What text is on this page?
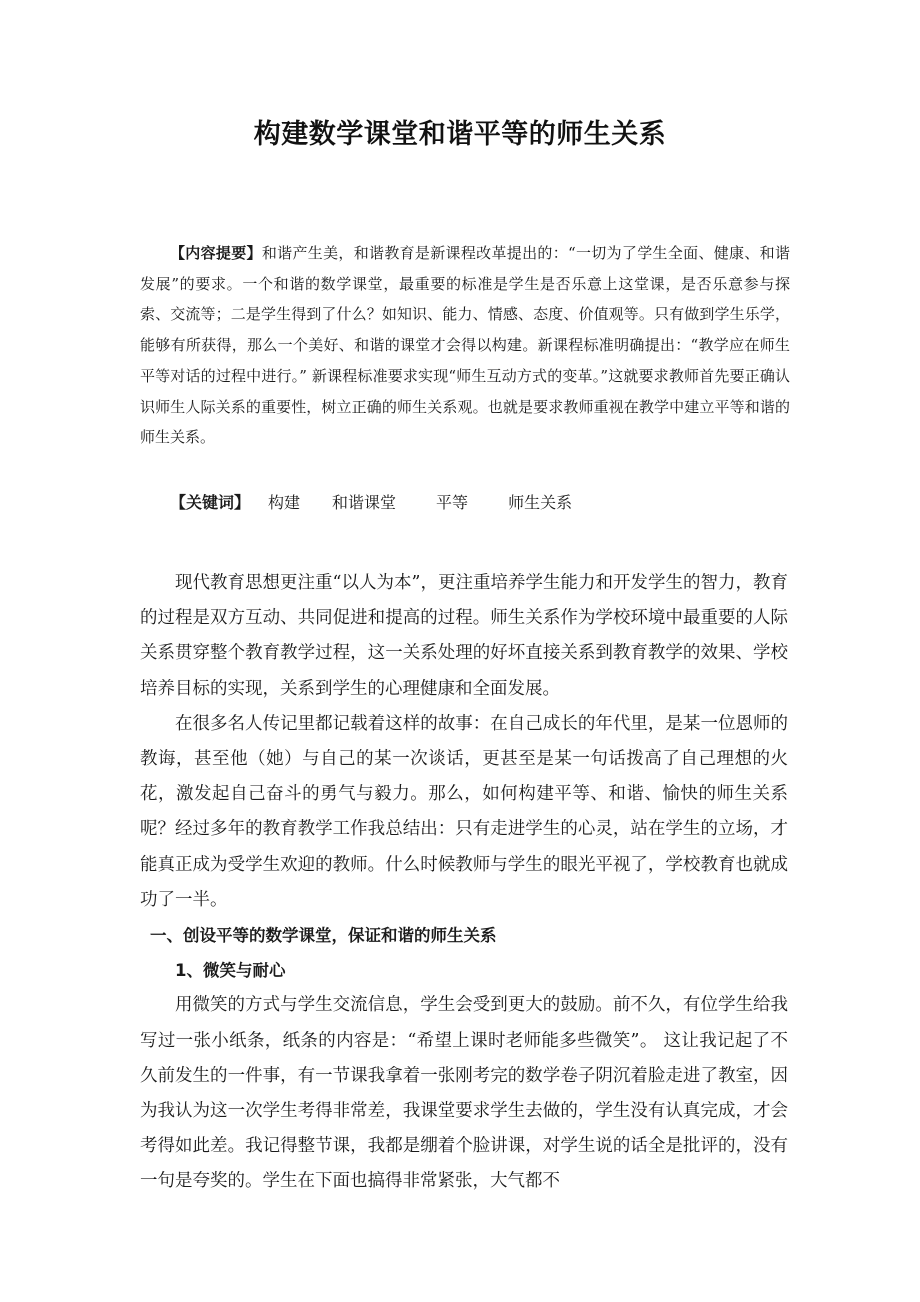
构建数学课堂和谐平等的师生关系

【内容提要】和谐产生美，和谐教育是新课程改革提出的：“一切为了学生全面、健康、和谐发展”的要求。一个和谐的数学课堂，最重要的标准是学生是否乐意上这堂课，是否乐意参与探索、交流等；二是学生得到了什么？如知识、能力、情感、态度、价值观等。只有做到学生乐学，能够有所获得，那么一个美好、和谐的课堂才会得以构建。新课程标准明确提出：“教学应在师生平等对话的过程中进行。” 新课程标准要求实现“师生互动方式的变革。”这就要求教师首先要正确认识师生人际关系的重要性，树立正确的师生关系观。也就是要求教师重视在教学中建立平等和谐的师生关系。

【关键词】 构建 和谐课堂	平等	师生关系

现代教育思想更注重“以人为本”，更注重培养学生能力和开发学生的智力，教育的过程是双方互动、共同促进和提高的过程。师生关系作为学校环境中最重要的人际关系贯穿整个教育教学过程，这一关系处理的好坏直接关系到教育教学的效果、学校培养目标的实现，关系到学生的心理健康和全面发展。

在很多名人传记里都记载着这样的故事：在自己成长的年代里，是某一位恩师的教诲，甚至他（她）与自己的某一次谈话，更甚至是某一句话拨高了自己理想的火花，激发起自己奋斗的勇气与毅力。那么，如何构建平等、和谐、愉快的师生关系呢？经过多年的教育教学工作我总结出：只有走进学生的心灵，站在学生的立场，才能真正成为受学生欢迎的教师。什么时候教师与学生的眼光平视了，学校教育也就成功了一半。

一、创设平等的数学课堂，保证和谐的师生关系

1、微笑与耐心

用微笑的方式与学生交流信息，学生会受到更大的鼓励。前不久，有位学生给我写过一张小纸条，纸条的内容是：“希望上课时老师能多些微笑”。 这让我记起了不久前发生的一件事，有一节课我拿着一张刚考完的数学卷子阴沉着脸走进了教室，因为我认为这一次学生考得非常差，我课堂要求学生去做的，学生没有认真完成，才会考得如此差。我记得整节课，我都是绷着个脸讲课，对学生说的话全是批评的，没有一句是夸奖的。学生在下面也搞得非常紧张，大气都不
